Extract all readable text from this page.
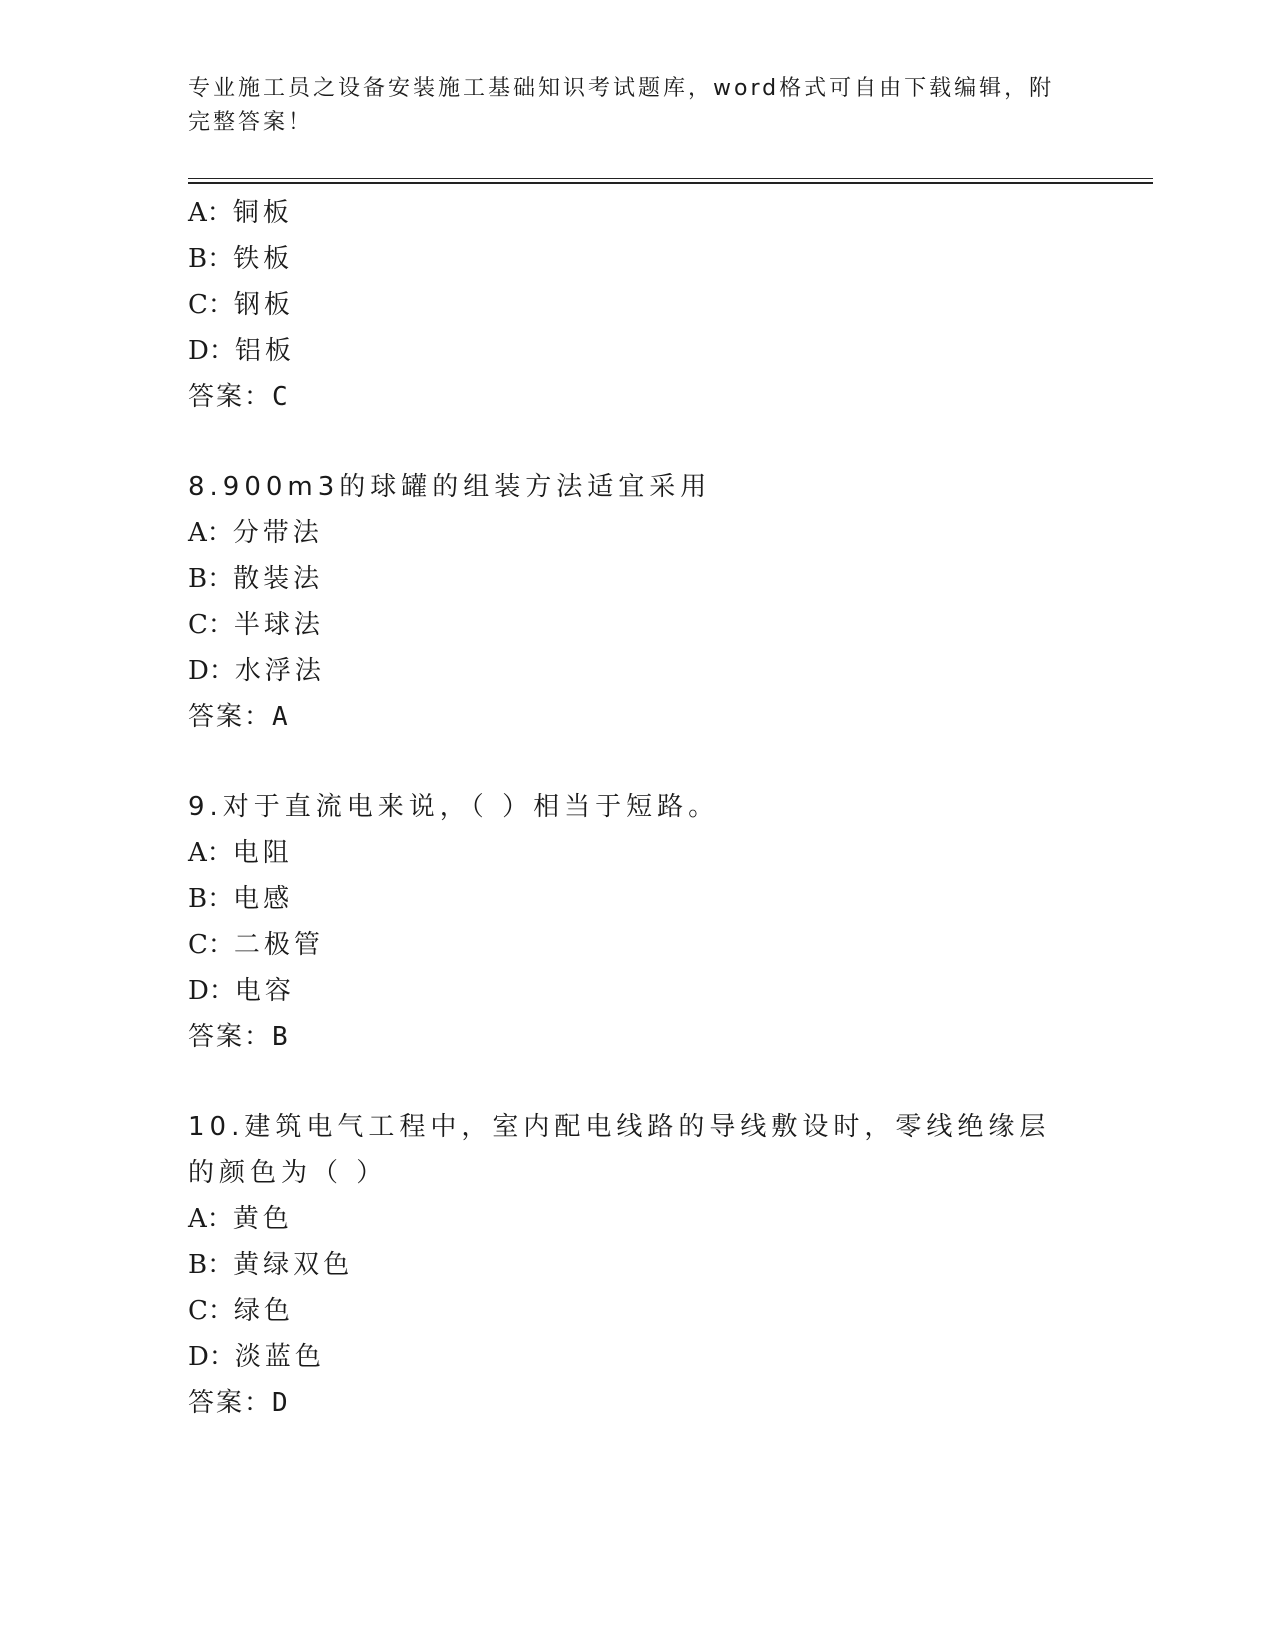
专业施工员之设备安装施工基础知识考试题库，word格式可自由下载编辑，附完整答案！
A：铜板
B：铁板
C：钢板
D：铝板
答案：C
8.900m3的球罐的组装方法适宜采用
A：分带法
B：散装法
C：半球法
D：水浮法
答案：A
9.对于直流电来说，（ ）相当于短路。
A：电阻
B：电感
C：二极管
D：电容
答案：B
10.建筑电气工程中，室内配电线路的导线敷设时，零线绝缘层的颜色为（ ）
A：黄色
B：黄绿双色
C：绿色
D：淡蓝色
答案：D
